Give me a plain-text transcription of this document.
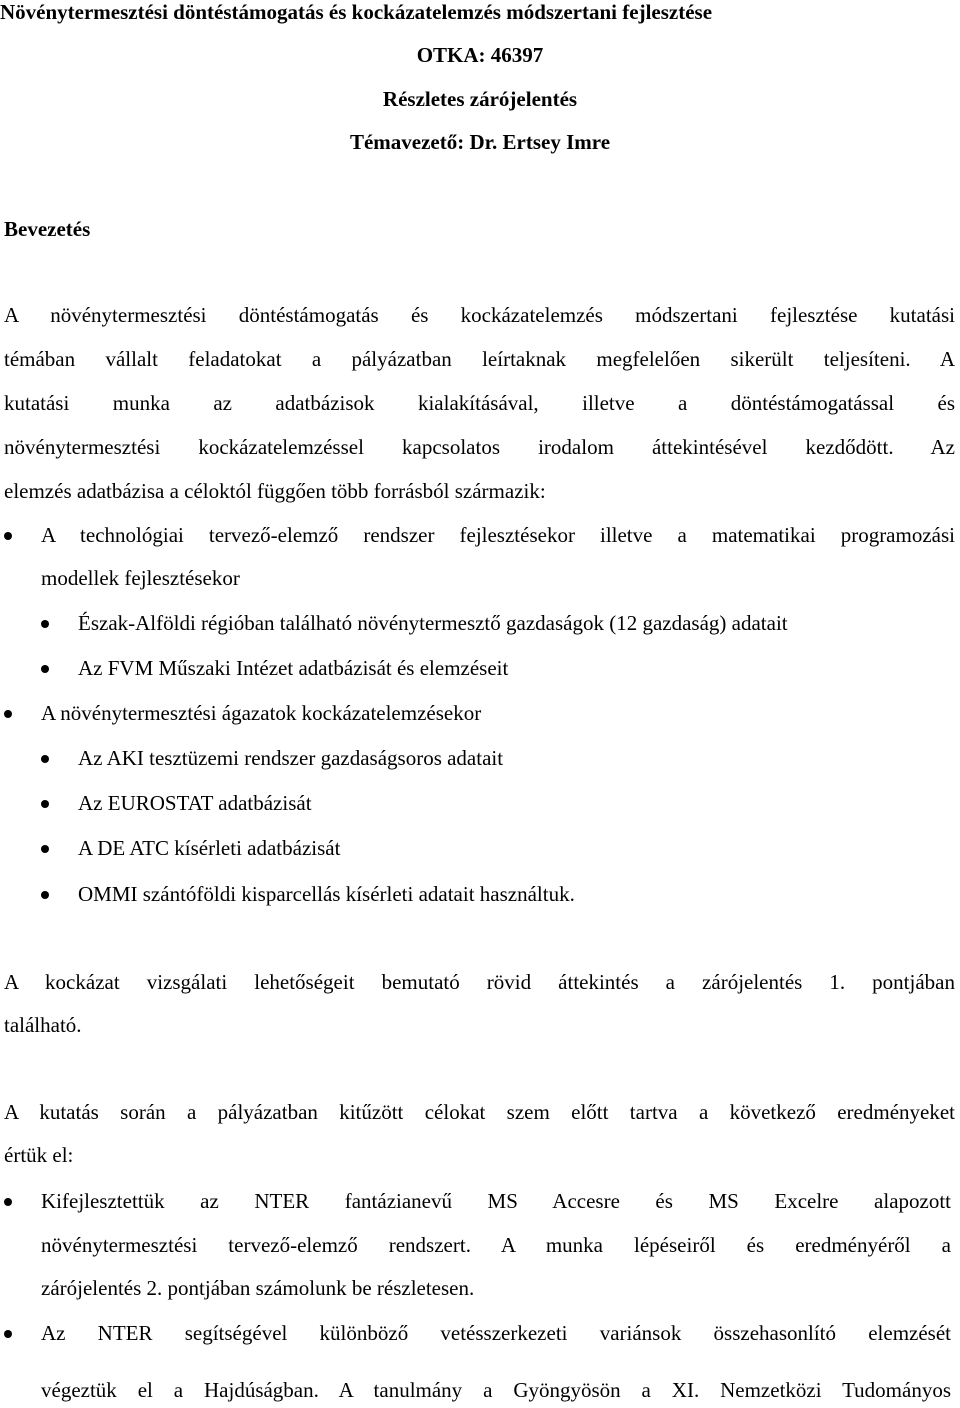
Növénytermesztési döntéstámogatás és kockázatelemzés módszertani fejlesztése
OTKA: 46397
Részletes zárójelentés
Témavezető: Dr. Ertsey Imre
Bevezetés
A növénytermesztési döntéstámogatás és kockázatelemzés módszertani fejlesztése kutatási
témában vállalt feladatokat a pályázatban leírtaknak megfelelően sikerült teljesíteni. A
kutatási munka az adatbázisok kialakításával, illetve a döntéstámogatással és
növénytermesztési kockázatelemzéssel kapcsolatos irodalom áttekintésével kezdődött. Az
elemzés adatbázisa a céloktól függően több forrásból származik:
A technológiai tervező-elemző rendszer fejlesztésekor illetve a matematikai programozási
modellek fejlesztésekor
Észak-Alföldi régióban található növénytermesztő gazdaságok (12 gazdaság) adatait
Az FVM Műszaki Intézet adatbázisát és elemzéseit
A növénytermesztési ágazatok kockázatelemzésekor
Az AKI tesztüzemi rendszer gazdaságsoros adatait
Az EUROSTAT adatbázisát
A DE ATC kísérleti adatbázisát
OMMI szántóföldi kisparcellás kísérleti adatait használtuk.
A kockázat vizsgálati lehetőségeit bemutató rövid áttekintés a zárójelentés 1. pontjában
található.
A kutatás során a pályázatban kitűzött célokat szem előtt tartva a következő eredményeket
értük el:
Kifejlesztettük az NTER fantázianevű MS Accesre és MS Excelre alapozott
növénytermesztési tervező-elemző rendszert. A munka lépéseiről és eredményéről a
zárójelentés 2. pontjában számolunk be részletesen.
Az NTER segítségével különböző vetésszerkezeti variánsok összehasonlító elemzését
végeztük el a Hajdúságban. A tanulmány a Gyöngyösön a XI. Nemzetközi Tudományos
